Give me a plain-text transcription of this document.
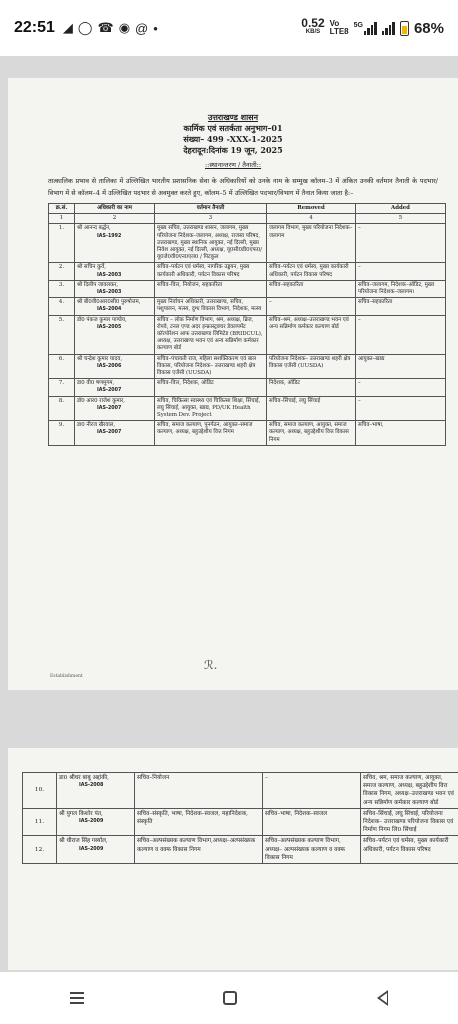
22:51 ◢ ◯ ☎ ◉ @ •	0.52
KB/S
Vo
LTE8
5G	68%
उत्तराखण्ड शासन
कार्मिक एवं सतर्कता अनुभाग–01
संख्या– 499 -XXX-1-2025
देहरादून:दिनांक 19 जून, 2025
::स्थानान्तरण / तैनाती::
तात्कालिक प्रभाव से तालिका में उल्लिखित भारतीय प्रशासनिक सेवा के अधिकारियों को उनके नाम के सम्मुख कॉलम–3 में अंकित उनकी वर्तमान तैनाती के पदभार/विभाग में से कॉलम–4 में उल्लिखित पदभार से अवमुक्त करते हुए, कॉलम–5 में उल्लिखित पदभार/विभाग में तैनात किया जाता है:–
क्र.सं.	अधिकारी का नाम	वर्तमान तैनाती	Removed	Added
1	2	3	4	5
1.	श्री आनन्द बर्द्धन,
IAS-1992	मुख्य सचिव, उत्तराखण्ड शासन, जलागम, मुख्य परियोजना निदेशक–जलागम, अध्यक्ष, राजस्व परिषद, उत्तराखण्ड, मुख्य स्थानिक आयुक्त, नई दिल्ली, मुख्य निवेश आयुक्त, नई दिल्ली, अध्यक्ष, यू0सी0डी0एफ0/यू0जे0वी0एन0एल0 / पिटकुल	जलागम विभाग, मुख्य परियोजना निदेशक–जलागम	–
2.	श्री सचिन कुर्वे,
IAS-2003	सचिव–पर्यटन एवं धर्मस्व, नागरिक उड्डयन, मुख्य कार्यकारी अधिकारी, पर्यटन विकास परिषद	सचिव–पर्यटन एवं धर्मस्व, मुख्य कार्यकारी अधिकारी, पर्यटन विकास परिषद	–
3.	श्री दिलीप जावलकर,
IAS-2003	सचिव–वित्त, नियोजन, सहकारिता	सचिव–सहकारिता	सचिव–जलागम, निदेशक–ऑडिट, मुख्य परियोजना निदेशक–जलागम।
4.	श्री बी0वी0आर0सी0 पुरुषोत्तम,
IAS-2004	मुख्य निर्वाचन अधिकारी, उत्तराखण्ड, सचिव, पशुपालन, मत्स्य, दुग्ध विकास विभाग, निदेशक, मत्स्य	–	सचिव–सहकारिता
5.	डॉ0 पंकज कुमार पाण्डेय,
IAS-2005	सचिव – लोक निर्माण विभाग, श्रम, अध्यक्ष, ब्रिज, रोपवे, टनल एण्ड अदर इन्फ्रास्ट्रक्चर डेवलपमेंट कॉरपोरेशन आफ उत्तराखण्ड लिमिटेड (BRIDCUL), अध्यक्ष, उत्तराखण्ड भवन एवं अन्य सन्निर्माण कर्मकार कल्याण बोर्ड	सचिव–श्रम, अध्यक्ष–उत्तराखण्ड भवन एवं अन्य सन्निर्माण कर्मकार कल्याण बोर्ड	–
6.	श्री चन्द्रेश कुमार यादव,
IAS-2006	सचिव–पंचायती राज, महिला सशक्तिकरण एवं बाल विकास, परियोजना निदेशक– उत्तराखण्ड शहरी क्षेत्र विकास एजेंसी (UUSDA)	परियोजना निदेशक– उत्तराखण्ड शहरी क्षेत्र विकास एजेंसी (UUSDA)	आयुक्त–खाद्य
7.	डा0 वी0 षणमुगम,
IAS-2007	सचिव–वित्त, निदेशक, ऑडिट	निदेशक, ऑडिट	–
8.	डॉ0 आर0 राजेश कुमार,
IAS-2007	सचिव, चिकित्सा स्वास्थ्य एवं चिकित्सा शिक्षा, सिंचाई, लघु सिंचाई, आयुक्त, खाद्य, PD/UK Health System Dev. Project	सचिव–सिंचाई, लघु सिंचाई	–
9.	डा0 नीरज खैरवाल,
IAS-2007	सचिव, समाज कल्याण, पुनर्गठन, आयुक्त–समाज कल्याण, अध्यक्ष, बहुउद्देशीय वित्त निगम	सचिव, समाज कल्याण, आयुक्त, समाज कल्याण, अध्यक्ष, बहुउद्देशीय वित्त विकास निगम	सचिव–भाषा,
ℛ.
Establishment
10.	डा0 श्रीधर बाबू अद्दांकी,
IAS-2008	सचिव–नियोजन	–	सचिव, श्रम, समाज कल्याण, आयुक्त, समाज कल्याण, अध्यक्ष, बहुउद्देशीय वित्त विकास निगम, अध्यक्ष–उत्तराखण्ड भवन एवं अन्य सन्निर्माण कर्मकार कल्याण बोर्ड
11.	श्री युगल किशोर पंत,
IAS-2009	सचिव–संस्कृति, भाषा, निदेशक–स्वजल, महानिदेशक, संस्कृति	सचिव–भाषा, निदेशक–स्वजल	सचिव–सिंचाई, लघु सिंचाई, परियोजना निदेशक– उत्तराखण्ड परियोजना विकास एवं निर्माण निगम लि0 सिंचाई
12.	श्री धीराज सिंह गर्ब्याल,
IAS-2009	सचिव–अल्पसंख्यक कल्याण विभाग,अध्यक्ष–अल्पसंख्यक कल्याण व वक्फ विकास निगम	सचिव–अल्पसंख्यक कल्याण विभाग, अध्यक्ष– अल्पसंख्यक कल्याण व वक्फ विकास निगम	सचिव–पर्यटन एवं धर्मस्व, मुख्य कार्यकारी अधिकारी, पर्यटन विकास परिषद
